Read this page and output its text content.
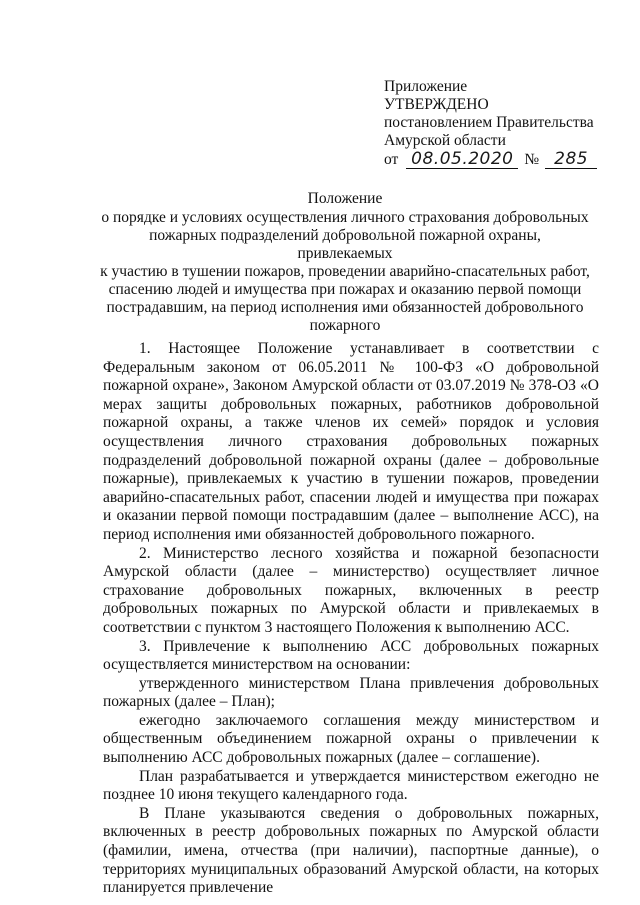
Приложение
УТВЕРЖДЕНО
постановлением Правительства
Амурской области
от 08.05.2020 № 285
Положение
о порядке и условиях осуществления личного страхования добровольных
пожарных подразделений добровольной пожарной охраны, привлекаемых
к участию в тушении пожаров, проведении аварийно-спасательных работ,
спасению людей и имущества при пожарах и оказанию первой помощи
пострадавшим, на период исполнения ими обязанностей добровольного
пожарного

1. Настоящее Положение устанавливает в соответствии с Федеральным законом от 06.05.2011 № 100-ФЗ «О добровольной пожарной охране», Законом Амурской области от 03.07.2019 № 378-ОЗ «О мерах защиты добровольных пожарных, работников добровольной пожарной охраны, а также членов их семей» порядок и условия осуществления личного страхования добровольных пожарных подразделений добровольной пожарной охраны (далее – добровольные пожарные), привлекаемых к участию в тушении пожаров, проведении аварийно-спасательных работ, спасении людей и имущества при пожарах и оказании первой помощи пострадавшим (далее – выполнение АСС), на период исполнения ими обязанностей добровольного пожарного.

2. Министерство лесного хозяйства и пожарной безопасности Амурской области (далее – министерство) осуществляет личное страхование добровольных пожарных, включенных в реестр добровольных пожарных по Амурской области и привлекаемых в соответствии с пунктом 3 настоящего Положения к выполнению АСС.

3. Привлечение к выполнению АСС добровольных пожарных осуществляется министерством на основании:

утвержденного министерством Плана привлечения добровольных пожарных (далее – План);

ежегодно заключаемого соглашения между министерством и общественным объединением пожарной охраны о привлечении к выполнению АСС добровольных пожарных (далее – соглашение).

План разрабатывается и утверждается министерством ежегодно не позднее 10 июня текущего календарного года.

В Плане указываются сведения о добровольных пожарных, включенных в реестр добровольных пожарных по Амурской области (фамилии, имена, отчества (при наличии), паспортные данные), о территориях муниципальных образований Амурской области, на которых планируется привлечение
